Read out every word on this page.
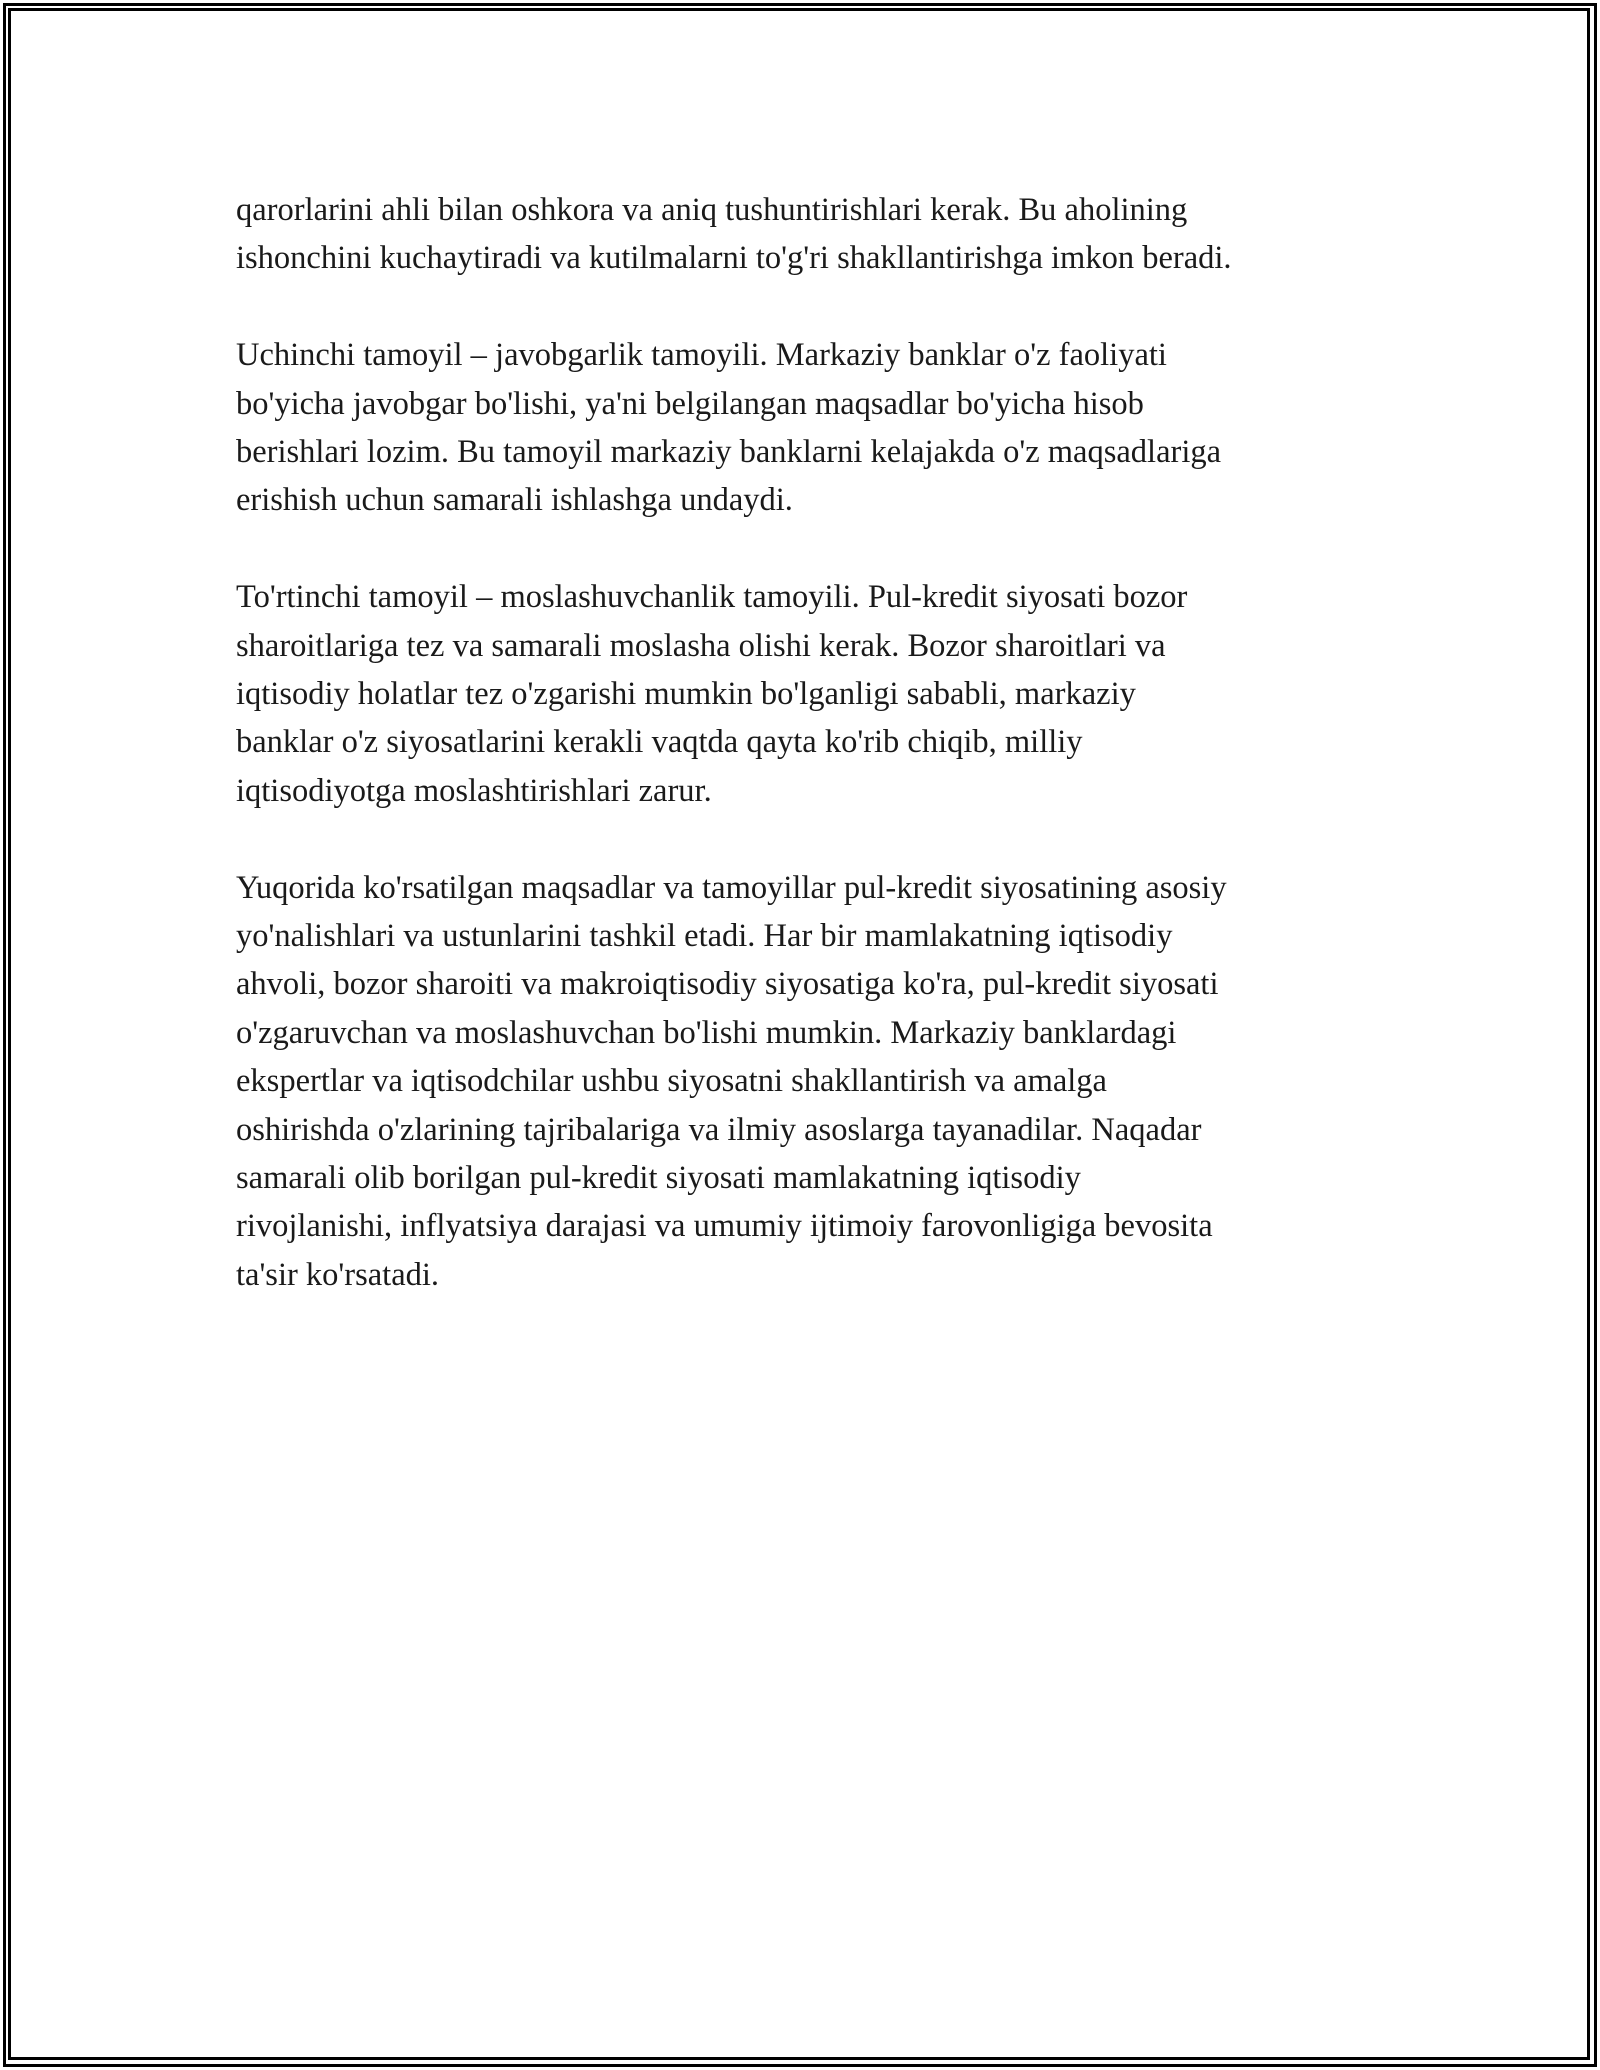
qarorlarini ahli bilan oshkora va aniq tushuntirishlari kerak. Bu aholining
ishonchini kuchaytiradi va kutilmalarni to'g'ri shakllantirishga imkon beradi.

Uchinchi tamoyil – javobgarlik tamoyili. Markaziy banklar o'z faoliyati
bo'yicha javobgar bo'lishi, ya'ni belgilangan maqsadlar bo'yicha hisob
berishlari lozim. Bu tamoyil markaziy banklarni kelajakda o'z maqsadlariga
erishish uchun samarali ishlashga undaydi.

To'rtinchi tamoyil – moslashuvchanlik tamoyili. Pul-kredit siyosati bozor
sharoitlariga tez va samarali moslasha olishi kerak. Bozor sharoitlari va
iqtisodiy holatlar tez o'zgarishi mumkin bo'lganligi sababli, markaziy
banklar o'z siyosatlarini kerakli vaqtda qayta ko'rib chiqib, milliy
iqtisodiyotga moslashtirishlari zarur.

Yuqorida ko'rsatilgan maqsadlar va tamoyillar pul-kredit siyosatining asosiy
yo'nalishlari va ustunlarini tashkil etadi. Har bir mamlakatning iqtisodiy
ahvoli, bozor sharoiti va makroiqtisodiy siyosatiga ko'ra, pul-kredit siyosati
o'zgaruvchan va moslashuvchan bo'lishi mumkin. Markaziy banklardagi
ekspertlar va iqtisodchilar ushbu siyosatni shakllantirish va amalga
oshirishda o'zlarining tajribalariga va ilmiy asoslarga tayanadilar. Naqadar
samarali olib borilgan pul-kredit siyosati mamlakatning iqtisodiy
rivojlanishi, inflyatsiya darajasi va umumiy ijtimoiy farovonligiga bevosita
ta'sir ko'rsatadi.
